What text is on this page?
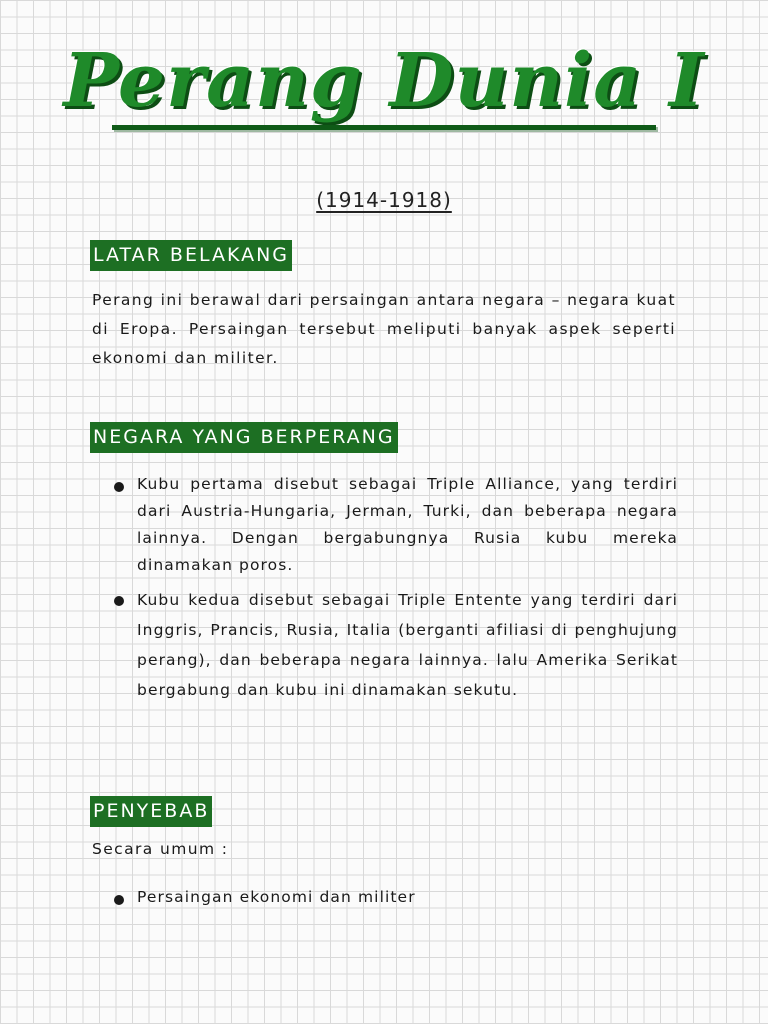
Perang Dunia I
(1914-1918)
LATAR BELAKANG

Perang ini berawal dari persaingan antara negara – negara kuat di Eropa. Persaingan tersebut meliputi banyak aspek seperti ekonomi dan militer.

NEGARA YANG BERPERANG
Kubu pertama disebut sebagai Triple Alliance, yang terdiri dari Austria-Hungaria, Jerman, Turki, dan beberapa negara lainnya. Dengan bergabungnya Rusia kubu mereka dinamakan poros.
Kubu kedua disebut sebagai Triple Entente yang terdiri dari Inggris, Prancis, Rusia, Italia (berganti afiliasi di penghujung perang), dan beberapa negara lainnya. lalu Amerika Serikat bergabung dan kubu ini dinamakan sekutu.
PENYEBAB
Secara umum :
Persaingan ekonomi dan militer
